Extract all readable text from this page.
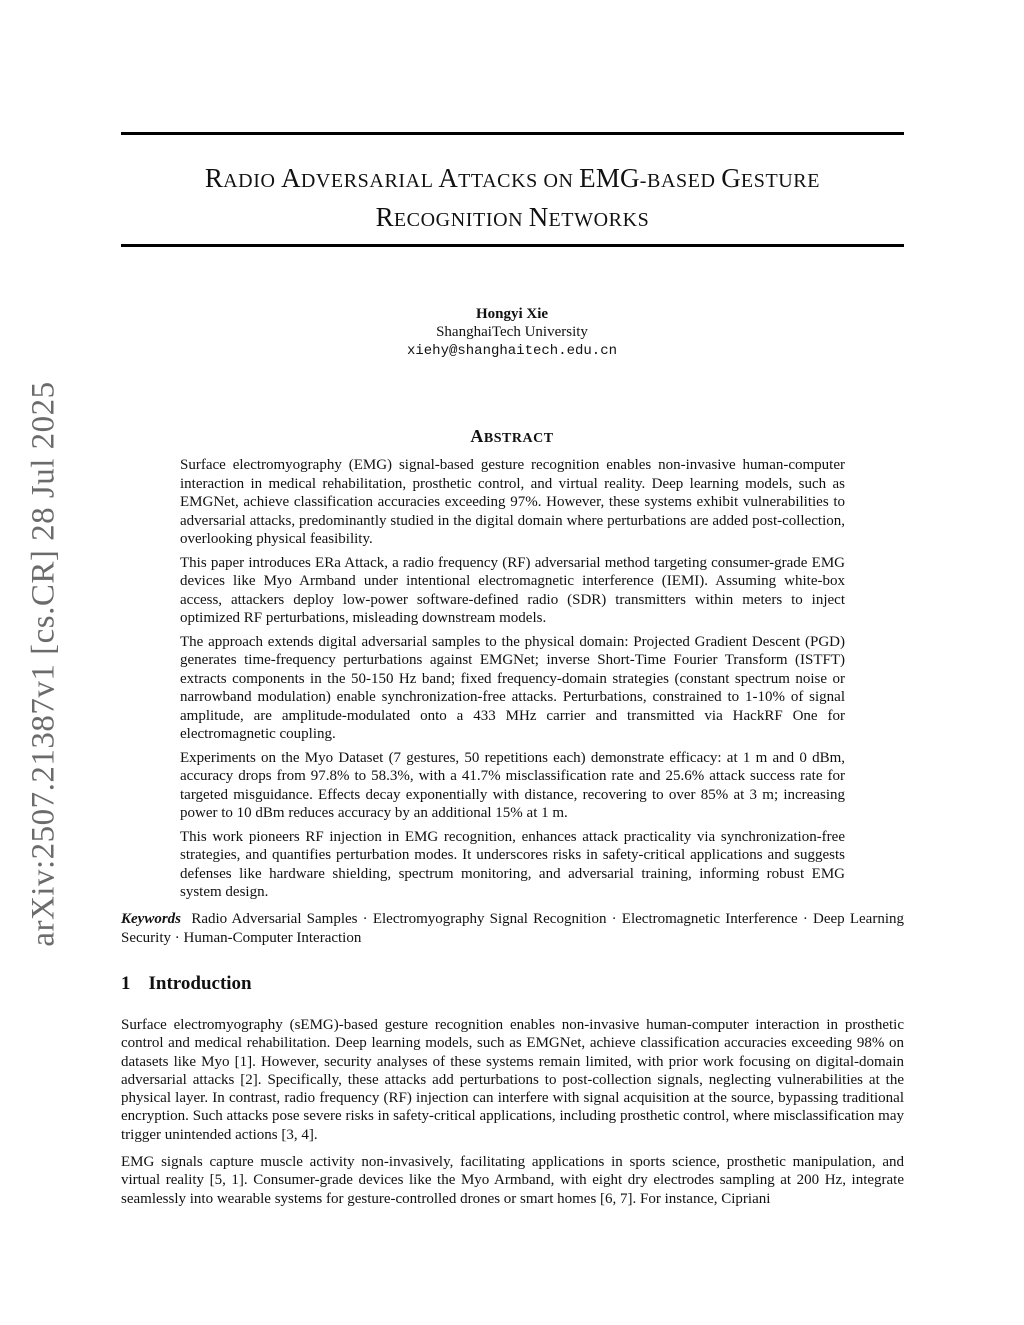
arXiv:2507.21387v1 [cs.CR] 28 Jul 2025
RADIO ADVERSARIAL ATTACKS ON EMG-BASED GESTURE
RECOGNITION NETWORKS
Hongyi Xie
ShanghaiTech University
xiehy@shanghaitech.edu.cn
ABSTRACT

Surface electromyography (EMG) signal-based gesture recognition enables non-invasive human-computer interaction in medical rehabilitation, prosthetic control, and virtual reality. Deep learning models, such as EMGNet, achieve classification accuracies exceeding 97%. However, these systems exhibit vulnerabilities to adversarial attacks, predominantly studied in the digital domain where perturbations are added post-collection, overlooking physical feasibility.

This paper introduces ERa Attack, a radio frequency (RF) adversarial method targeting consumer-grade EMG devices like Myo Armband under intentional electromagnetic interference (IEMI). Assuming white-box access, attackers deploy low-power software-defined radio (SDR) transmitters within meters to inject optimized RF perturbations, misleading downstream models.

The approach extends digital adversarial samples to the physical domain: Projected Gradient Descent (PGD) generates time-frequency perturbations against EMGNet; inverse Short-Time Fourier Transform (ISTFT) extracts components in the 50-150 Hz band; fixed frequency-domain strategies (constant spectrum noise or narrowband modulation) enable synchronization-free attacks. Perturbations, constrained to 1-10% of signal amplitude, are amplitude-modulated onto a 433 MHz carrier and transmitted via HackRF One for electromagnetic coupling.

Experiments on the Myo Dataset (7 gestures, 50 repetitions each) demonstrate efficacy: at 1 m and 0 dBm, accuracy drops from 97.8% to 58.3%, with a 41.7% misclassification rate and 25.6% attack success rate for targeted misguidance. Effects decay exponentially with distance, recovering to over 85% at 3 m; increasing power to 10 dBm reduces accuracy by an additional 15% at 1 m.

This work pioneers RF injection in EMG recognition, enhances attack practicality via synchronization-free strategies, and quantifies perturbation modes. It underscores risks in safety-critical applications and suggests defenses like hardware shielding, spectrum monitoring, and adversarial training, informing robust EMG system design.

Keywords Radio Adversarial Samples · Electromyography Signal Recognition · Electromagnetic Interference · Deep Learning Security · Human-Computer Interaction

1 Introduction

Surface electromyography (sEMG)-based gesture recognition enables non-invasive human-computer interaction in prosthetic control and medical rehabilitation. Deep learning models, such as EMGNet, achieve classification accuracies exceeding 98% on datasets like Myo [1]. However, security analyses of these systems remain limited, with prior work focusing on digital-domain adversarial attacks [2]. Specifically, these attacks add perturbations to post-collection signals, neglecting vulnerabilities at the physical layer. In contrast, radio frequency (RF) injection can interfere with signal acquisition at the source, bypassing traditional encryption. Such attacks pose severe risks in safety-critical applications, including prosthetic control, where misclassification may trigger unintended actions [3, 4].

EMG signals capture muscle activity non-invasively, facilitating applications in sports science, prosthetic manipulation, and virtual reality [5, 1]. Consumer-grade devices like the Myo Armband, with eight dry electrodes sampling at 200 Hz, integrate seamlessly into wearable systems for gesture-controlled drones or smart homes [6, 7]. For instance, Cipriani
